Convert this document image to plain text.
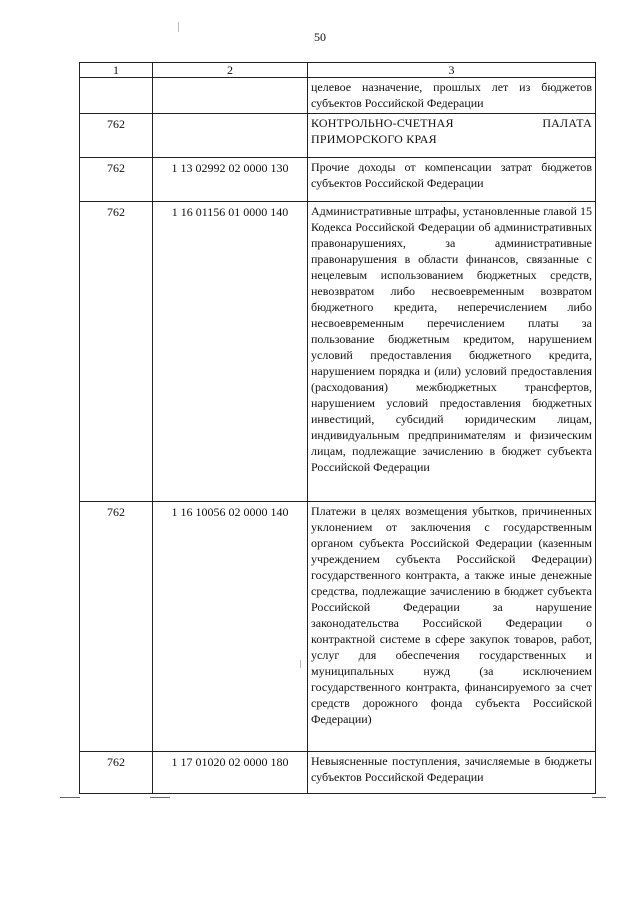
50
1	2	3
		целевое назначение, прошлых лет из бюджетов субъектов Российской Федерации
762		КОНТРОЛЬНО-СЧЕТНАЯ ПАЛАТА ПРИМОРСКОГО КРАЯ
762	1 13 02992 02 0000 130	Прочие доходы от компенсации затрат бюджетов субъектов Российской Федерации
762	1 16 01156 01 0000 140	Административные штрафы, установленные главой 15 Кодекса Российской Федерации об административных правонарушениях, за административные правонарушения в области финансов, связанные с нецелевым использованием бюджетных средств, невозвратом либо несвоевременным возвратом бюджетного кредита, неперечислением либо несвоевременным перечислением платы за пользование бюджетным кредитом, нарушением условий предоставления бюджетного кредита, нарушением порядка и (или) условий предоставления (расходования) межбюджетных трансфертов, нарушением условий предоставления бюджетных инвестиций, субсидий юридическим лицам, индивидуальным предпринимателям и физическим лицам, подлежащие зачислению в бюджет субъекта Российской Федерации
762	1 16 10056 02 0000 140	Платежи в целях возмещения убытков, причиненных уклонением от заключения с государственным органом субъекта Российской Федерации (казенным учреждением субъекта Российской Федерации) государственного контракта, а также иные денежные средства, подлежащие зачислению в бюджет субъекта Российской Федерации за нарушение законодательства Российской Федерации о контрактной системе в сфере закупок товаров, работ, услуг для обеспечения государственных и муниципальных нужд (за исключением государственного контракта, финансируемого за счет средств дорожного фонда субъекта Российской Федерации)
762	1 17 01020 02 0000 180	Невыясненные поступления, зачисляемые в бюджеты субъектов Российской Федерации
